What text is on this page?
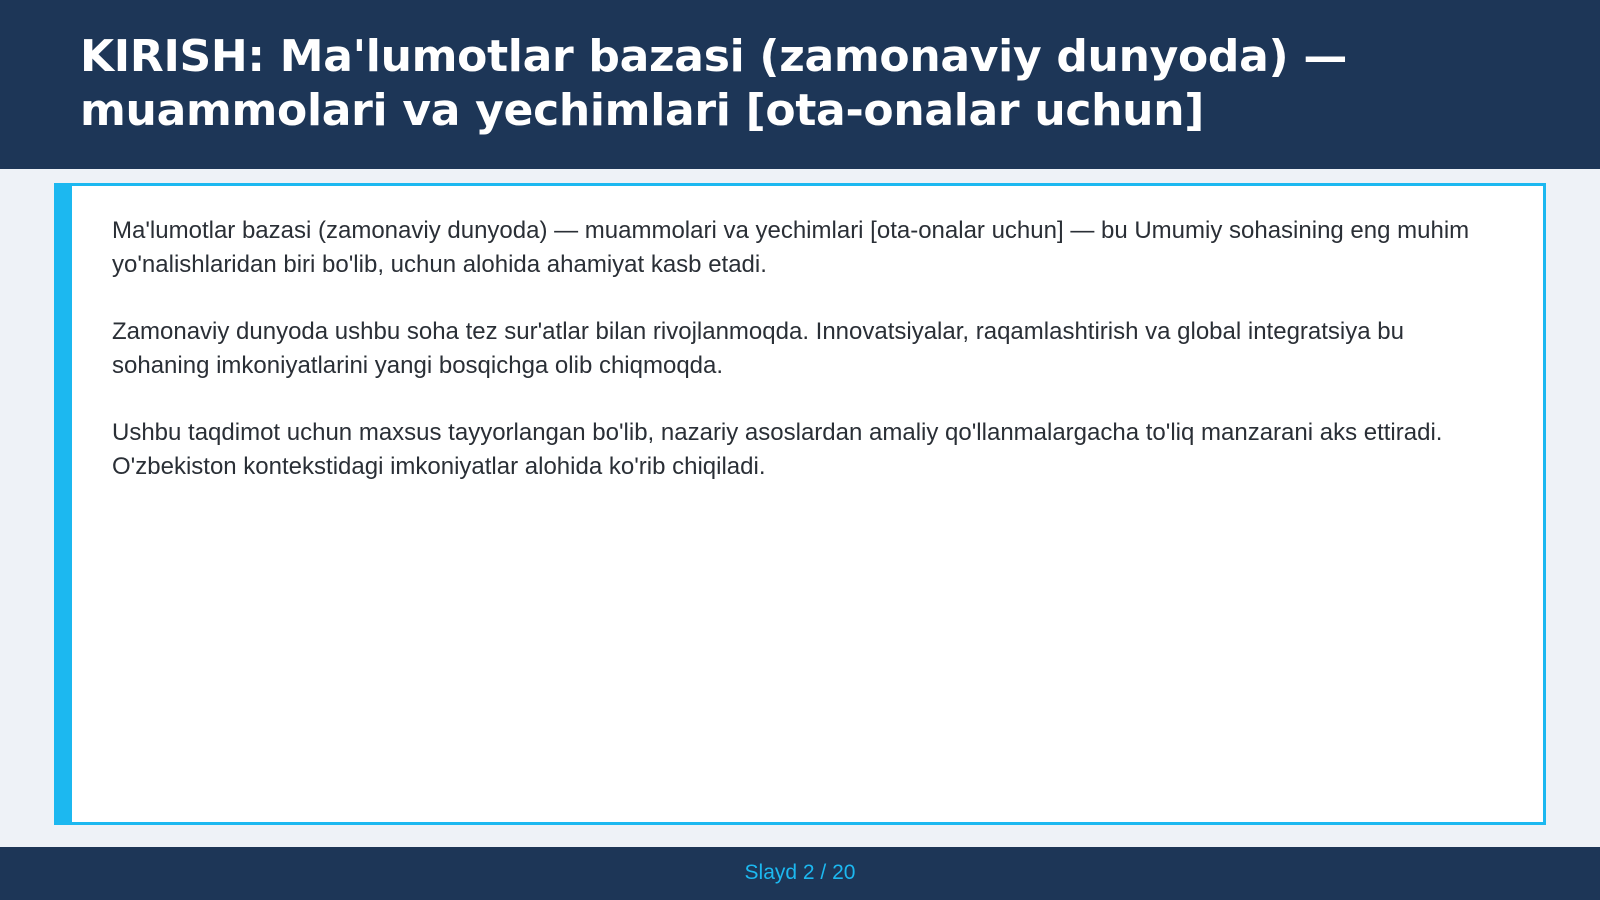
KIRISH: Ma'lumotlar bazasi (zamonaviy dunyoda) — muammolari va yechimlari [ota-onalar uchun]

Ma'lumotlar bazasi (zamonaviy dunyoda) — muammolari va yechimlari [ota-onalar uchun] — bu Umumiy sohasining eng muhim yo'nalishlaridan biri bo'lib, uchun alohida ahamiyat kasb etadi.

Zamonaviy dunyoda ushbu soha tez sur'atlar bilan rivojlanmoqda. Innovatsiyalar, raqamlashtirish va global integratsiya bu sohaning imkoniyatlarini yangi bosqichga olib chiqmoqda.

Ushbu taqdimot uchun maxsus tayyorlangan bo'lib, nazariy asoslardan amaliy qo'llanmalargacha to'liq manzarani aks ettiradi. O'zbekiston kontekstidagi imkoniyatlar alohida ko'rib chiqiladi.

Slayd 2 / 20
